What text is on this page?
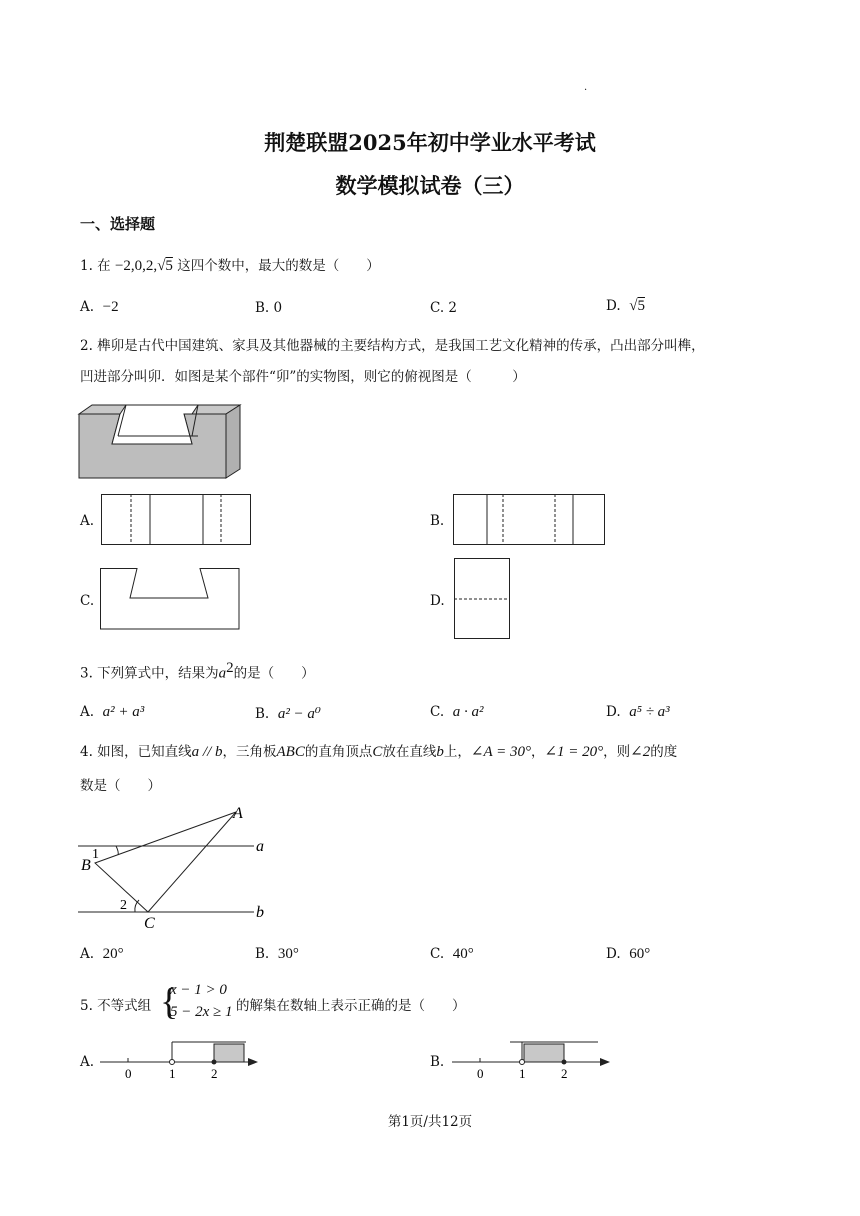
.
荆楚联盟2025年初中学业水平考试
数学模拟试卷（三）
一、选择题
1. 在 −2,0,2,√5 这四个数中，最大的数是（　　）
A. −2	B. 0	C. 2	D. √5
2. 榫卯是古代中国建筑、家具及其他器械的主要结构方式，是我国工艺文化精神的传承，凸出部分叫榫，
凹进部分叫卯．如图是某个部件“卯”的实物图，则它的俯视图是（　　　）
A.	B.
C.	D.
3. 下列算式中，结果为$a^2$的是（　　）
A. a² + a³	B. a² − a⁰	C. a · a²	D. a⁵ ÷ a³
4. 如图，已知直线a // b，三角板ABC的直角顶点C放在直线b上，∠A = 30°，∠1 = 20°，则∠2的度
数是（　　）
A
B
C
a
b
1
2
A. 20°	B. 30°	C. 40°	D. 60°
5. 不等式组 {
x − 1 > 0
5 − 2x ≥ 1 的解集在数轴上表示正确的是（　　）
A.
0	1	2
B.
0	1	2
第1页/共12页
